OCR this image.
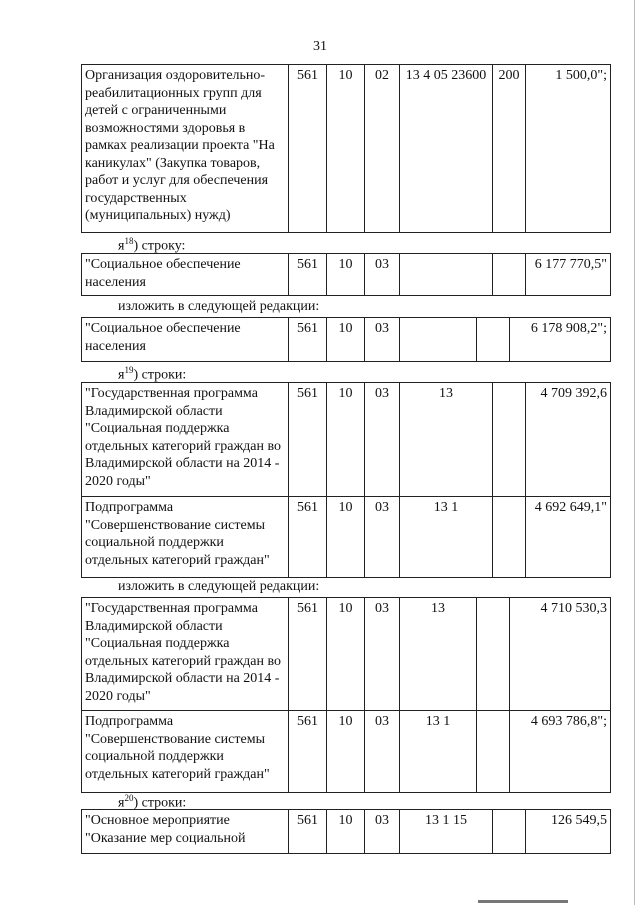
31
Организация оздоровительно-реабилитационных групп для детей с ограниченными возможностями здоровья в рамках реализации проекта "На каникулах" (Закупка товаров, работ и услуг для обеспечения государственных (муниципальных) нужд)	561	10	02	13 4 05 23600	200	1 500,0";
$я^{18}$) строку:
"Социальное обеспечение населения	561	10	03			6 177 770,5"
изложить в следующей редакции:
"Социальное обеспечение населения	561	10	03			6 178 908,2";
$я^{19}$) строки:
"Государственная программа Владимирской области "Социальная поддержка отдельных категорий граждан во Владимирской области на 2014 - 2020 годы"	561	10	03	13		4 709 392,6
Подпрограмма "Совершенствование системы социальной поддержки отдельных категорий граждан"	561	10	03	13 1		4 692 649,1"
изложить в следующей редакции:
"Государственная программа Владимирской области "Социальная поддержка отдельных категорий граждан во Владимирской области на 2014 - 2020 годы"	561	10	03	13		4 710 530,3
Подпрограмма "Совершенствование системы социальной поддержки отдельных категорий граждан"	561	10	03	13 1		4 693 786,8";
$я^{20}$) строки:
"Основное мероприятие "Оказание мер социальной	561	10	03	13 1 15		126 549,5
